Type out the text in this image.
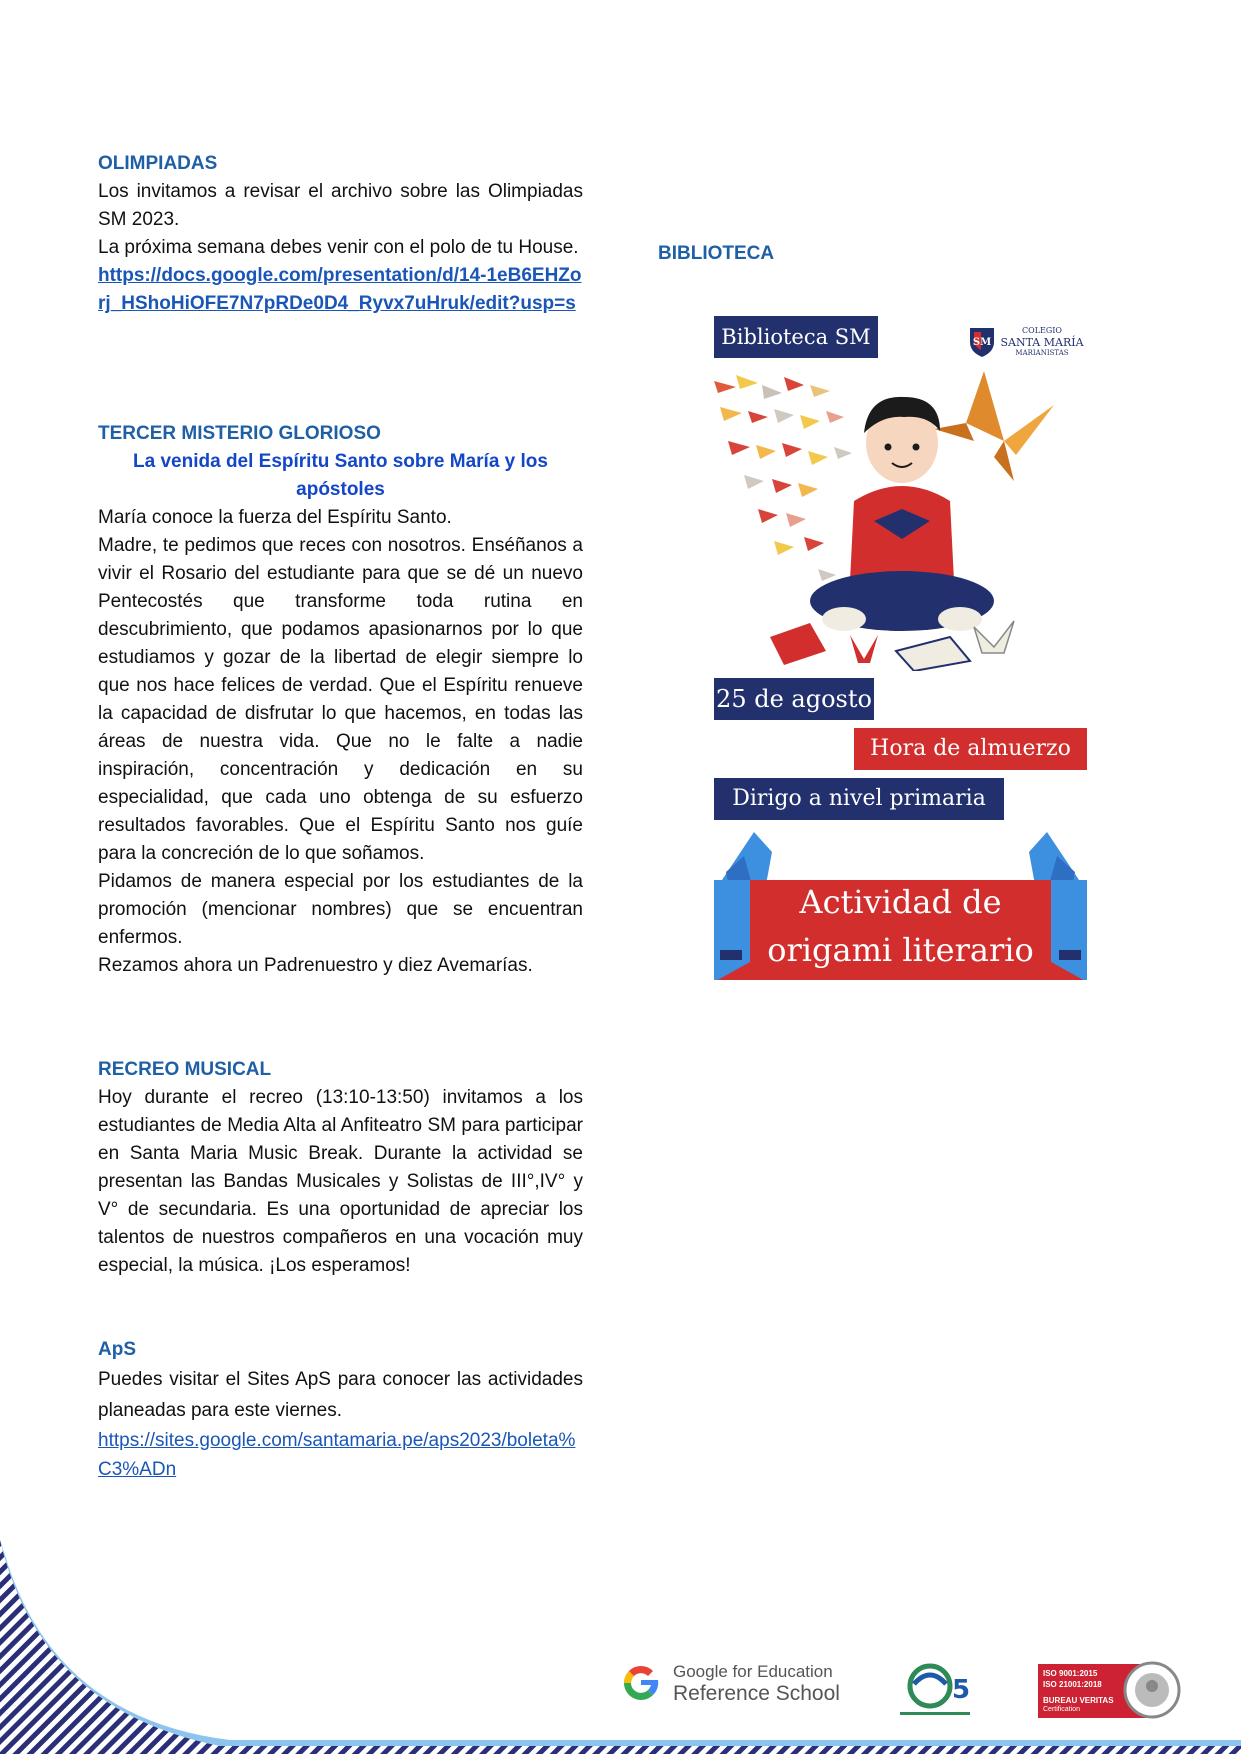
OLIMPIADAS

Los invitamos a revisar el archivo sobre las Olimpiadas SM 2023.

La próxima semana debes venir con el polo de tu House.

https://docs.google.com/presentation/d/14-1eB6EHZorj_HShoHiOFE7N7pRDe0D4_Ryvx7uHruk/edit?usp=s

TERCER MISTERIO GLORIOSO

La venida del Espíritu Santo sobre María y los apóstoles

María conoce la fuerza del Espíritu Santo.

Madre, te pedimos que reces con nosotros. Enséñanos a vivir el Rosario del estudiante para que se dé un nuevo Pentecostés que transforme toda rutina en descubrimiento, que podamos apasionarnos por lo que estudiamos y gozar de la libertad de elegir siempre lo que nos hace felices de verdad. Que el Espíritu renueve la capacidad de disfrutar lo que hacemos, en todas las áreas de nuestra vida. Que no le falte a nadie inspiración, concentración y dedicación en su especialidad, que cada uno obtenga de su esfuerzo resultados favorables. Que el Espíritu Santo nos guíe para la concreción de lo que soñamos.

Pidamos de manera especial por los estudiantes de la promoción (mencionar nombres) que se encuentran enfermos.

Rezamos ahora un Padrenuestro y diez Avemarías.

RECREO MUSICAL

Hoy durante el recreo (13:10-13:50) invitamos a los estudiantes de Media Alta al Anfiteatro SM para participar en Santa Maria Music Break. Durante la actividad se presentan las Bandas Musicales y Solistas de III°,IV° y V° de secundaria. Es una oportunidad de apreciar los talentos de nuestros compañeros en una vocación muy especial, la música. ¡Los esperamos!

ApS

Puedes visitar el Sites ApS para conocer las actividades planeadas para este viernes.

https://sites.google.com/santamaria.pe/aps2023/boleta%C3%ADn
BIBLIOTECA
Biblioteca SM	SM
COLEGIO
SANTA MARÍA
MARIANISTAS
25 de agosto
Hora de almuerzo
Dirigo a nivel primaria
Actividad de
origami literario
Google for Education
Reference School	5
ISO 9001:2015
ISO 21001:2018
BUREAU VERITAS
Certification
